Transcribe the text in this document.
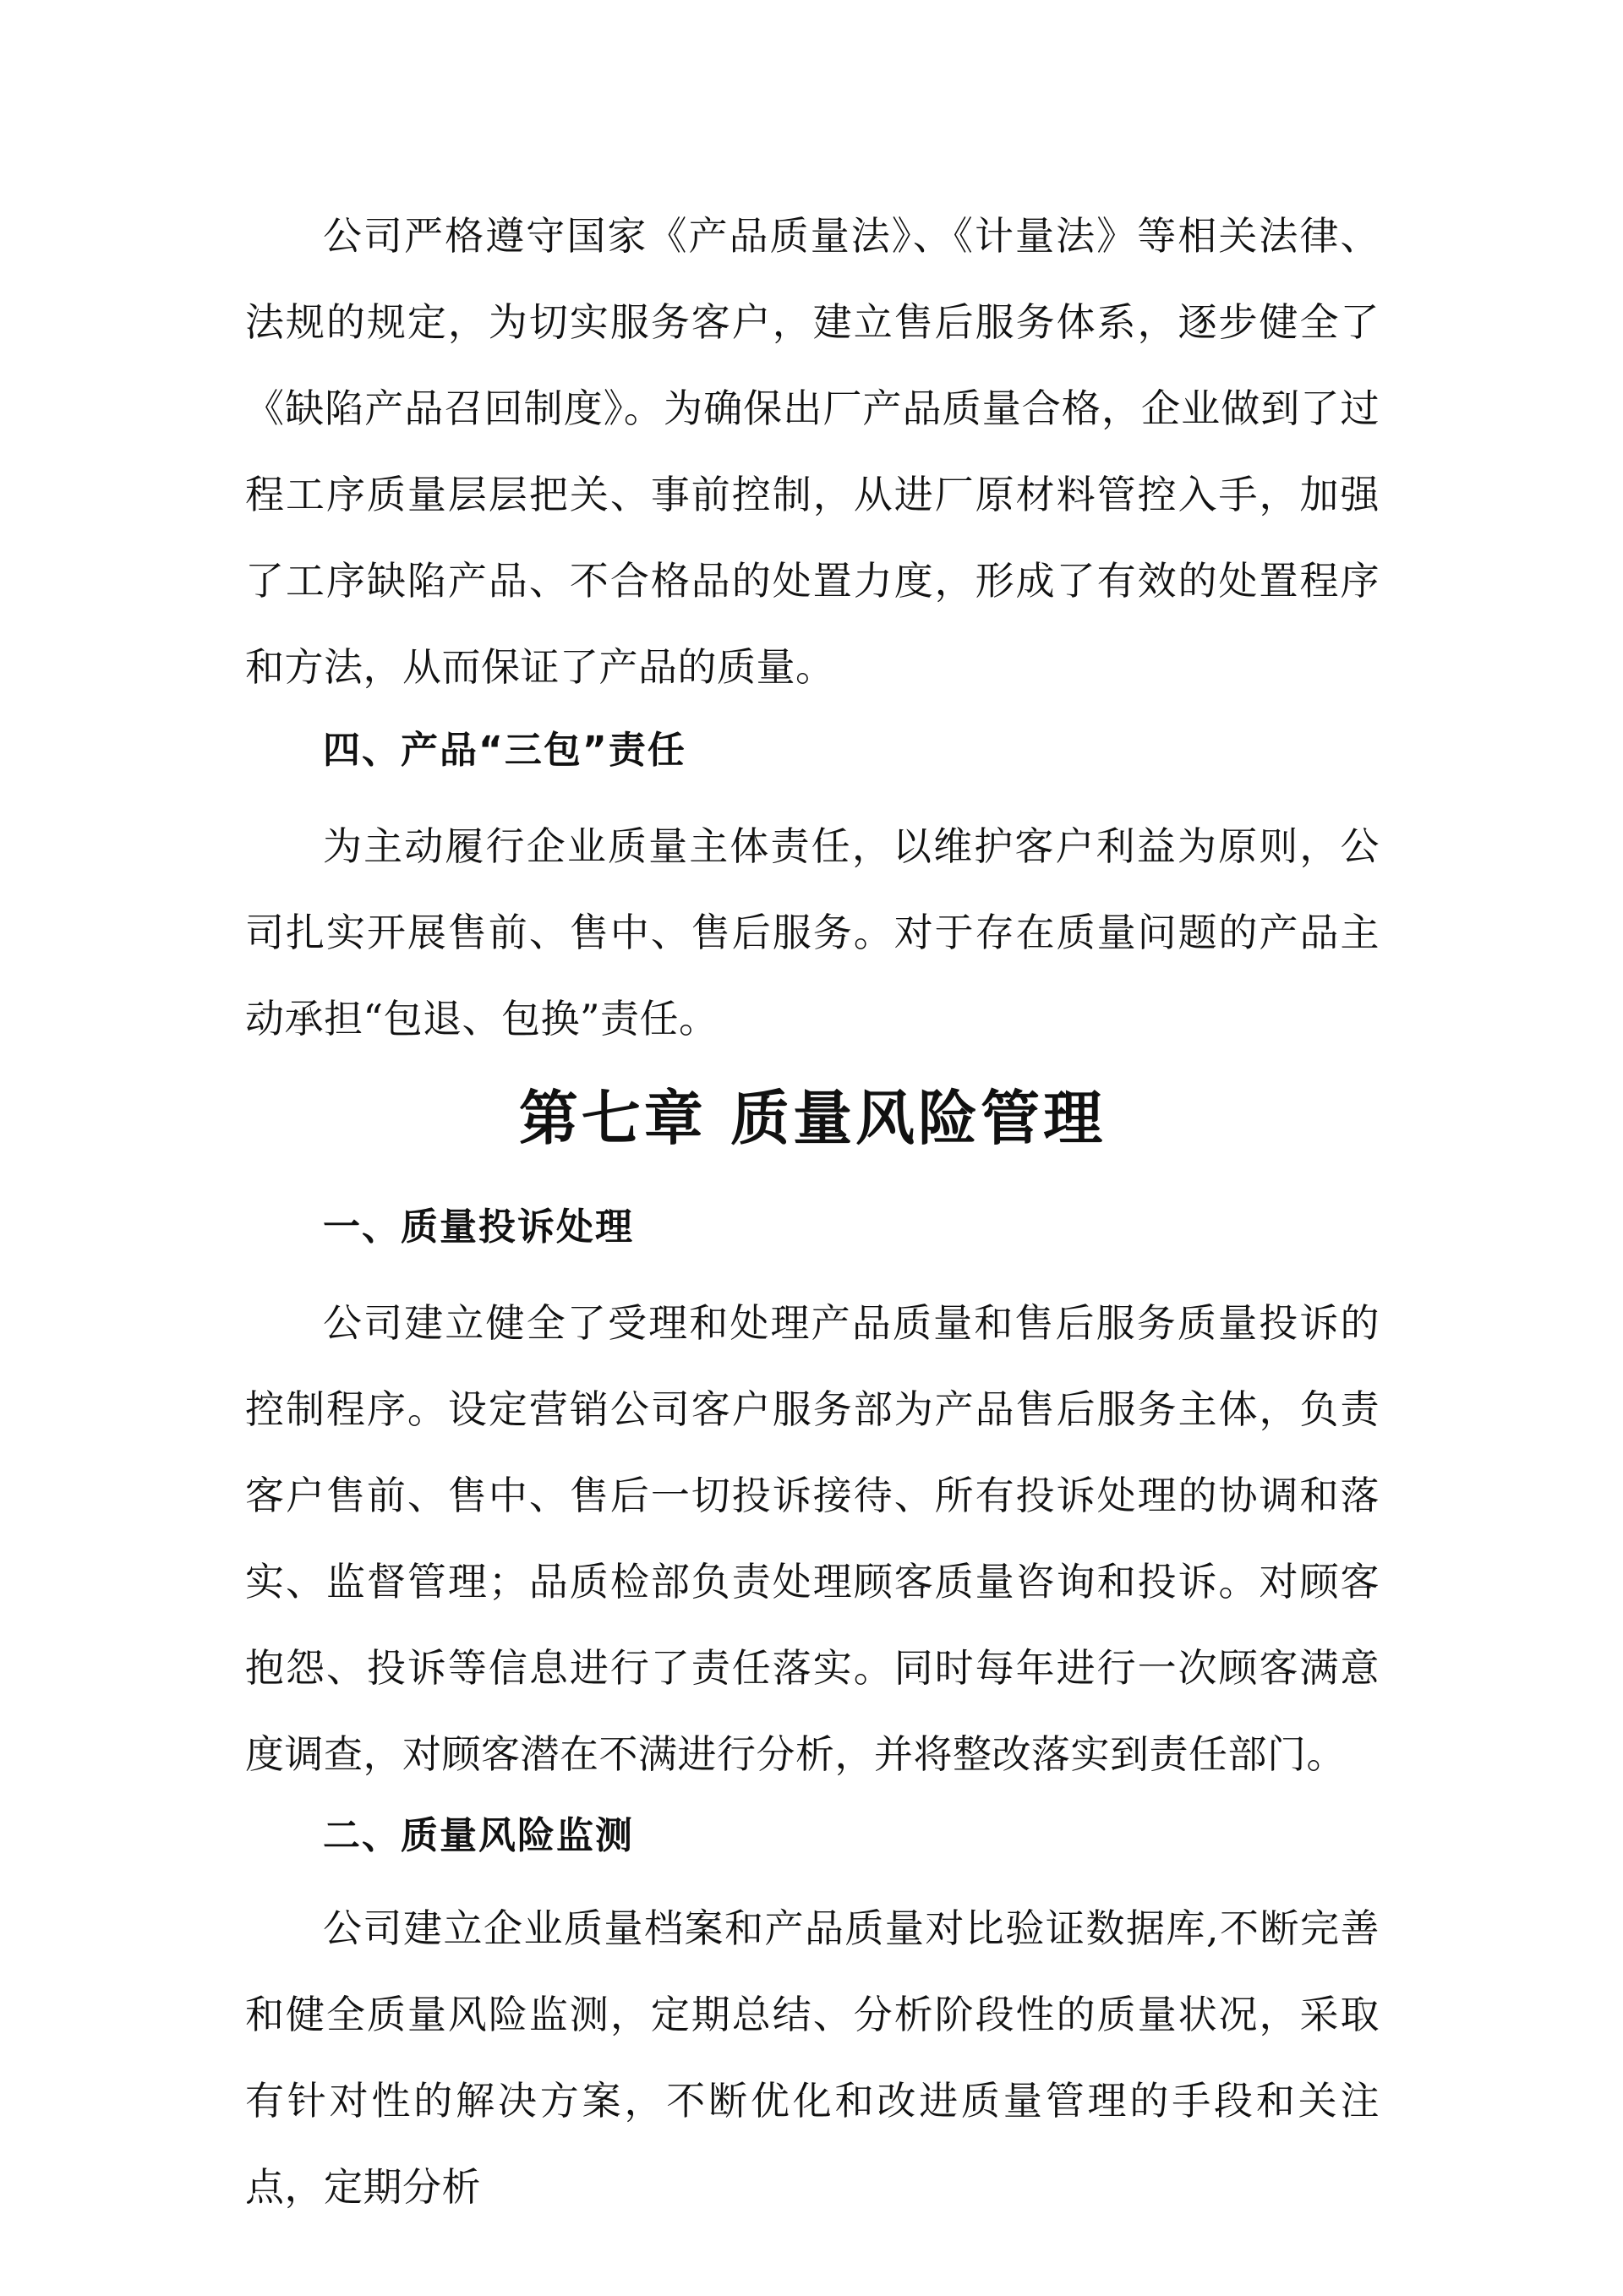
公司严格遵守国家《产品质量法》、《计量法》等相关法律、法规的规定，为切实服务客户，建立售后服务体系，逐步健全了《缺陷产品召回制度》。为确保出厂产品质量合格，企业做到了过程工序质量层层把关、事前控制，从进厂原材料管控入手，加强了工序缺陷产品、不合格品的处置力度，形成了有效的处置程序和方法，从而保证了产品的质量。

四、产品“三包”责任

为主动履行企业质量主体责任，以维护客户利益为原则，公司扎实开展售前、售中、售后服务。对于存在质量问题的产品主动承担“包退、包换”责任。

第七章 质量风险管理
一、质量投诉处理

公司建立健全了受理和处理产品质量和售后服务质量投诉的控制程序。设定营销公司客户服务部为产品售后服务主体，负责客户售前、售中、售后一切投诉接待、所有投诉处理的协调和落实、监督管理；品质检部负责处理顾客质量咨询和投诉。对顾客抱怨、投诉等信息进行了责任落实。同时每年进行一次顾客满意度调查，对顾客潜在不满进行分析，并将整改落实到责任部门。

二、质量风险监测

公司建立企业质量档案和产品质量对比验证数据库,不断完善和健全质量风险监测，定期总结、分析阶段性的质量状况，采取有针对性的解决方案，不断优化和改进质量管理的手段和关注点，定期分析
